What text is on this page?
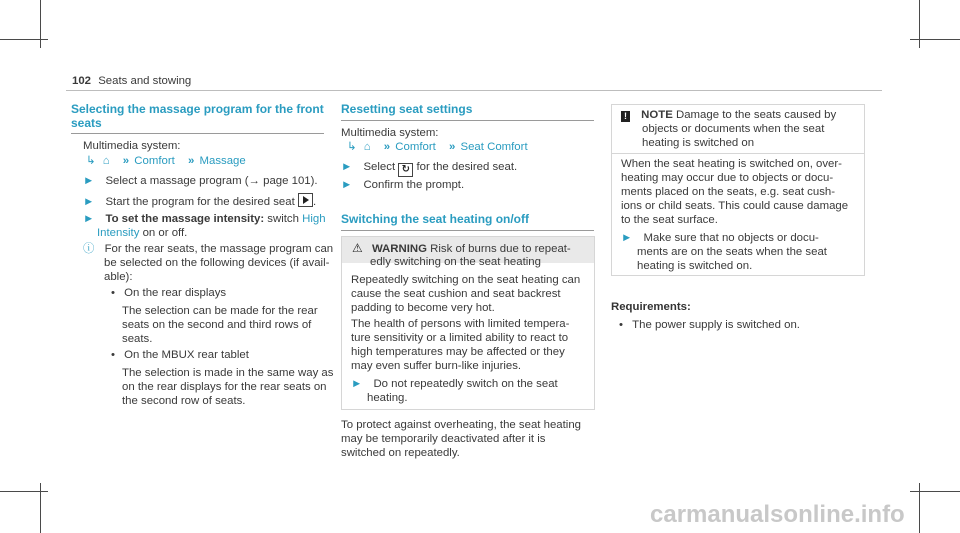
102 Seats and stowing
Selecting the massage program for the front
seats
Multimedia system:
↳ ⌂ » Comfort » Massage
► Select a massage program (→ page 101).
► Start the program for the desired seat .
► To set the massage intensity: switch High
Intensity on or off.
ⓘ For the rear seats, the massage program can
be selected on the following devices (if avail-
able):
• On the rear displays
The selection can be made for the rear
seats on the second and third rows of
seats.
• On the MBUX rear tablet
The selection is made in the same way as
on the rear displays for the rear seats on
the second row of seats.
Resetting seat settings
Multimedia system:
↳ ⌂ » Comfort » Seat Comfort
► Select ↻ for the desired seat.
► Confirm the prompt.
Switching the seat heating on/off
⚠ WARNING Risk of burns due to repeat-
edly switching on the seat heating
Repeatedly switching on the seat heating can
cause the seat cushion and seat backrest
padding to become very hot.
The health of persons with limited tempera-
ture sensitivity or a limited ability to react to
high temperatures may be affected or they
may even suffer burn-like injuries.
► Do not repeatedly switch on the seat
heating.
To protect against overheating, the seat heating
may be temporarily deactivated after it is
switched on repeatedly.
! NOTE Damage to the seats caused by
objects or documents when the seat
heating is switched on
When the seat heating is switched on, over-
heating may occur due to objects or docu-
ments placed on the seats, e.g. seat cush-
ions or child seats. This could cause damage
to the seat surface.
► Make sure that no objects or docu-
ments are on the seats when the seat
heating is switched on.
Requirements:
• The power supply is switched on.
carmanualsonline.info
